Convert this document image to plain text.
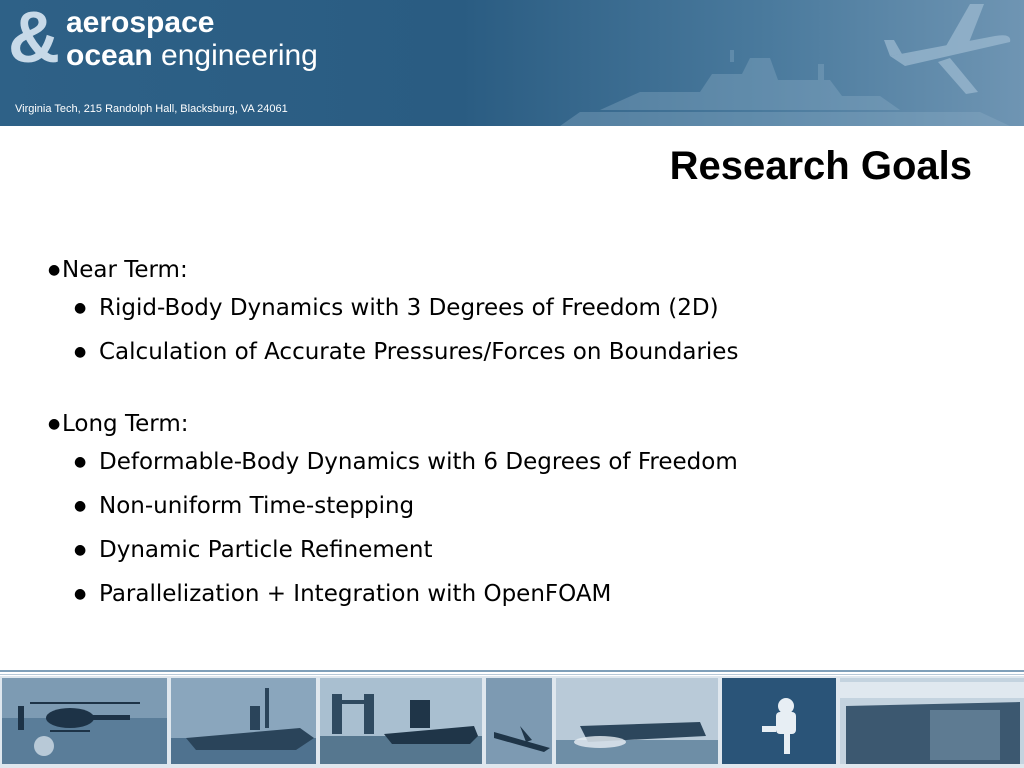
& aerospace
ocean engineering
Virginia Tech, 215 Randolph Hall, Blacksburg, VA 24061
Research Goals
● Near Term:
● Rigid-Body Dynamics with 3 Degrees of Freedom (2D)
● Calculation of Accurate Pressures/Forces on Boundaries
● Long Term:
● Deformable-Body Dynamics with 6 Degrees of Freedom
● Non-uniform Time-stepping
● Dynamic Particle Refinement
● Parallelization + Integration with OpenFOAM
